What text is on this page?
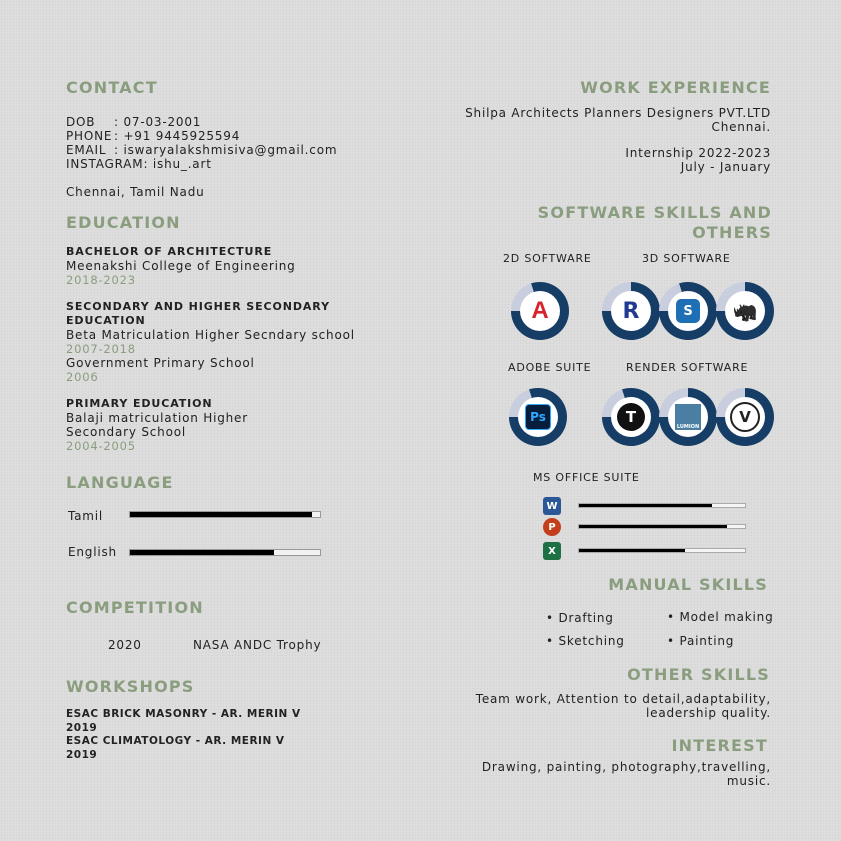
CONTACT
DOB	: 07-03-2001
PHONE : +91 9445925594
EMAIL : iswaryalakshmisiva@gmail.com
INSTAGRAM: ishu_.art
Chennai, Tamil Nadu
EDUCATION
BACHELOR OF ARCHITECTURE
Meenakshi College of Engineering
2018-2023
SECONDARY AND HIGHER SECONDARY EDUCATION
Beta Matriculation Higher Secndary school
2007-2018
Government Primary School
2006
PRIMARY EDUCATION
Balaji matriculation Higher Secondary School
2004-2005
LANGUAGE
Tamil
English
COMPETITION
2020	NASA ANDC Trophy
WORKSHOPS
ESAC BRICK MASONRY - AR. MERIN V
2019
ESAC CLIMATOLOGY - AR. MERIN V
2019
WORK EXPERIENCE
Shilpa Architects Planners Designers PVT.LTD
Chennai.
Internship 2022-2023
July - January
SOFTWARE SKILLS AND
OTHERS
2D SOFTWARE	3D SOFTWARE
A	R	S	🦏
ADOBE SUITE	RENDER SOFTWARE
Ps	T
LUMION
V
MS OFFICE SUITE
W
P
X
MANUAL SKILLS
• Drafting	• Model making
• Sketching	• Painting
OTHER SKILLS
Team work, Attention to detail,adaptability,
leadership quality.
INTEREST
Drawing, painting, photography,travelling,
music.
